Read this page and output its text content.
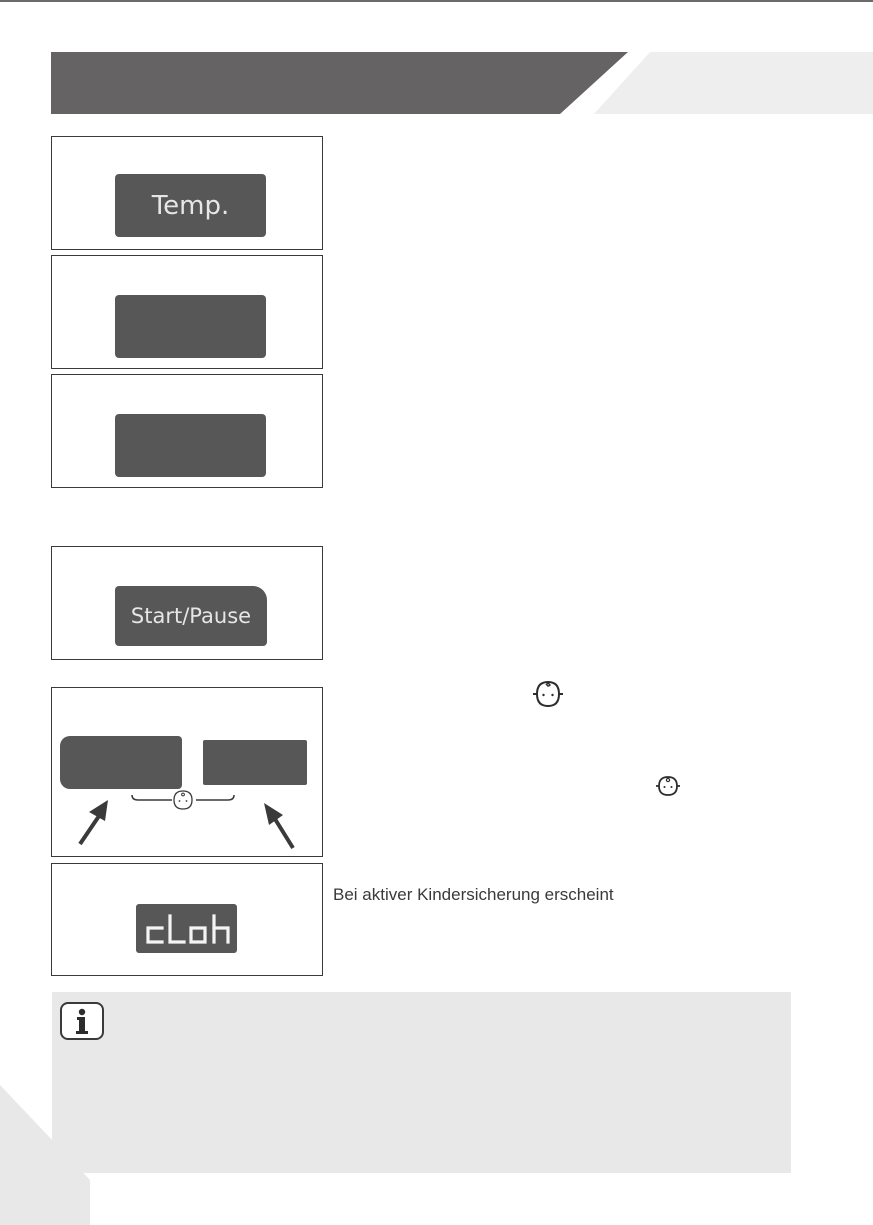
Temp.
Start/Pause
Bei aktiver Kindersicherung erscheint
